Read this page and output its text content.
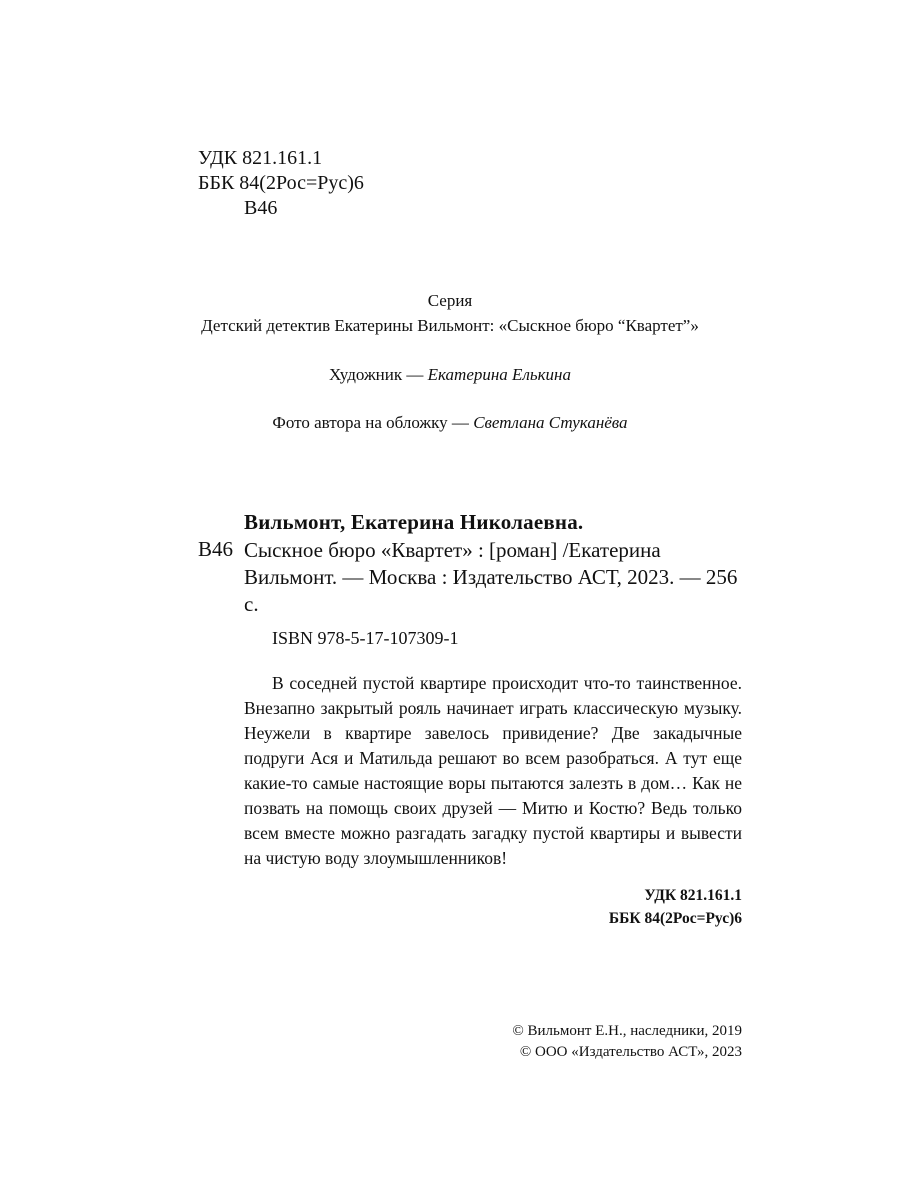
УДК 821.161.1
ББК 84(2Рос=Рус)6
В46
Серия
Детский детектив Екатерины Вильмонт: «Сыскное бюро “Квартет”»
Художник — Екатерина Елькина
Фото автора на обложку — Светлана Стуканёва
Вильмонт, Екатерина Николаевна.
В46 Сыскное бюро «Квартет» : [роман] /Екатерина Вильмонт. — Москва : Издательство АСТ, 2023. — 256 с.
ISBN 978-5-17-107309-1
В соседней пустой квартире происходит что-то таинственное. Внезапно закрытый рояль начинает играть классическую музыку. Неужели в квартире завелось привидение? Две закадычные подруги Ася и Матильда решают во всем разобраться. А тут еще какие-то самые настоящие воры пытаются залезть в дом… Как не позвать на помощь своих друзей — Митю и Костю? Ведь только всем вместе можно разгадать загадку пустой квартиры и вывести на чистую воду злоумышленников!
УДК 821.161.1
ББК 84(2Рос=Рус)6
© Вильмонт Е.Н., наследники, 2019
© ООО «Издательство АСТ», 2023
